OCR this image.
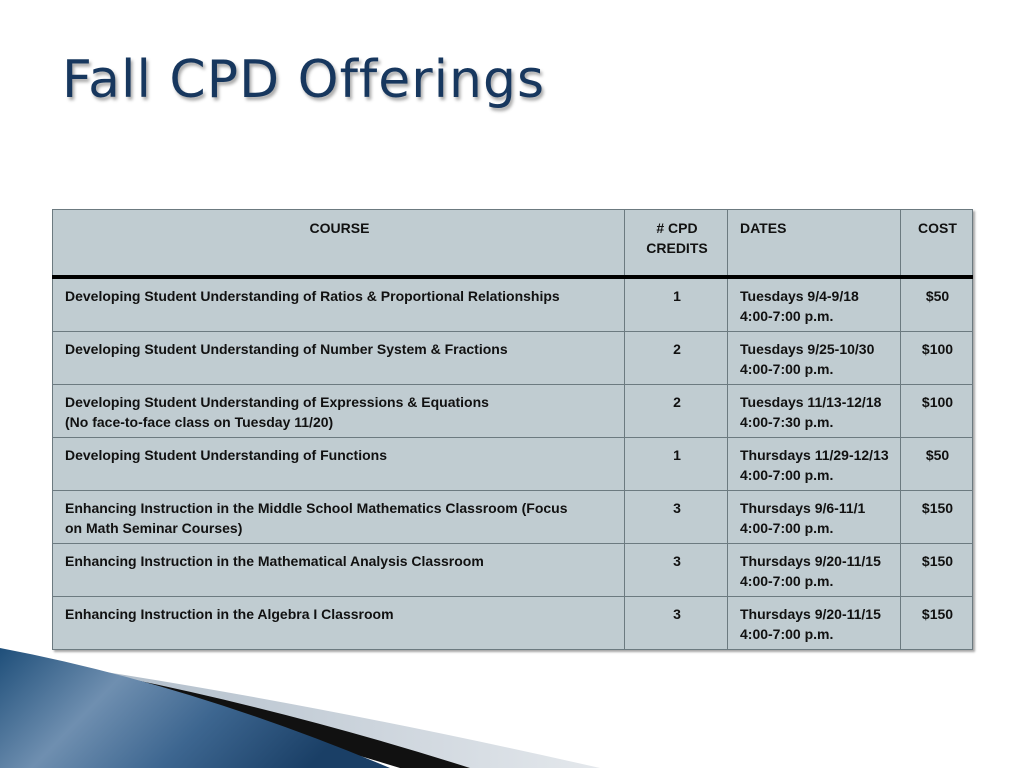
Fall CPD Offerings
COURSE	# CPD
CREDITS	DATES	COST

Developing Student Understanding of Ratios & Proportional Relationships	1	Tuesdays 9/4-9/18
4:00-7:00 p.m.	$50

Developing Student Understanding of Number System & Fractions	2	Tuesdays 9/25-10/30
4:00-7:00 p.m.	$100

Developing Student Understanding of Expressions & Equations
(No face-to-face class on Tuesday 11/20)	2	Tuesdays 11/13-12/18
4:00-7:30 p.m.	$100

Developing Student Understanding of Functions	1	Thursdays 11/29-12/13
4:00-7:00 p.m.	$50

Enhancing Instruction in the Middle School Mathematics Classroom (Focus
on Math Seminar Courses)	3	Thursdays 9/6-11/1
4:00-7:00 p.m.	$150

Enhancing Instruction in the Mathematical Analysis Classroom	3	Thursdays 9/20-11/15
4:00-7:00 p.m.	$150

Enhancing Instruction in the Algebra I Classroom	3	Thursdays 9/20-11/15
4:00-7:00 p.m.	$150
